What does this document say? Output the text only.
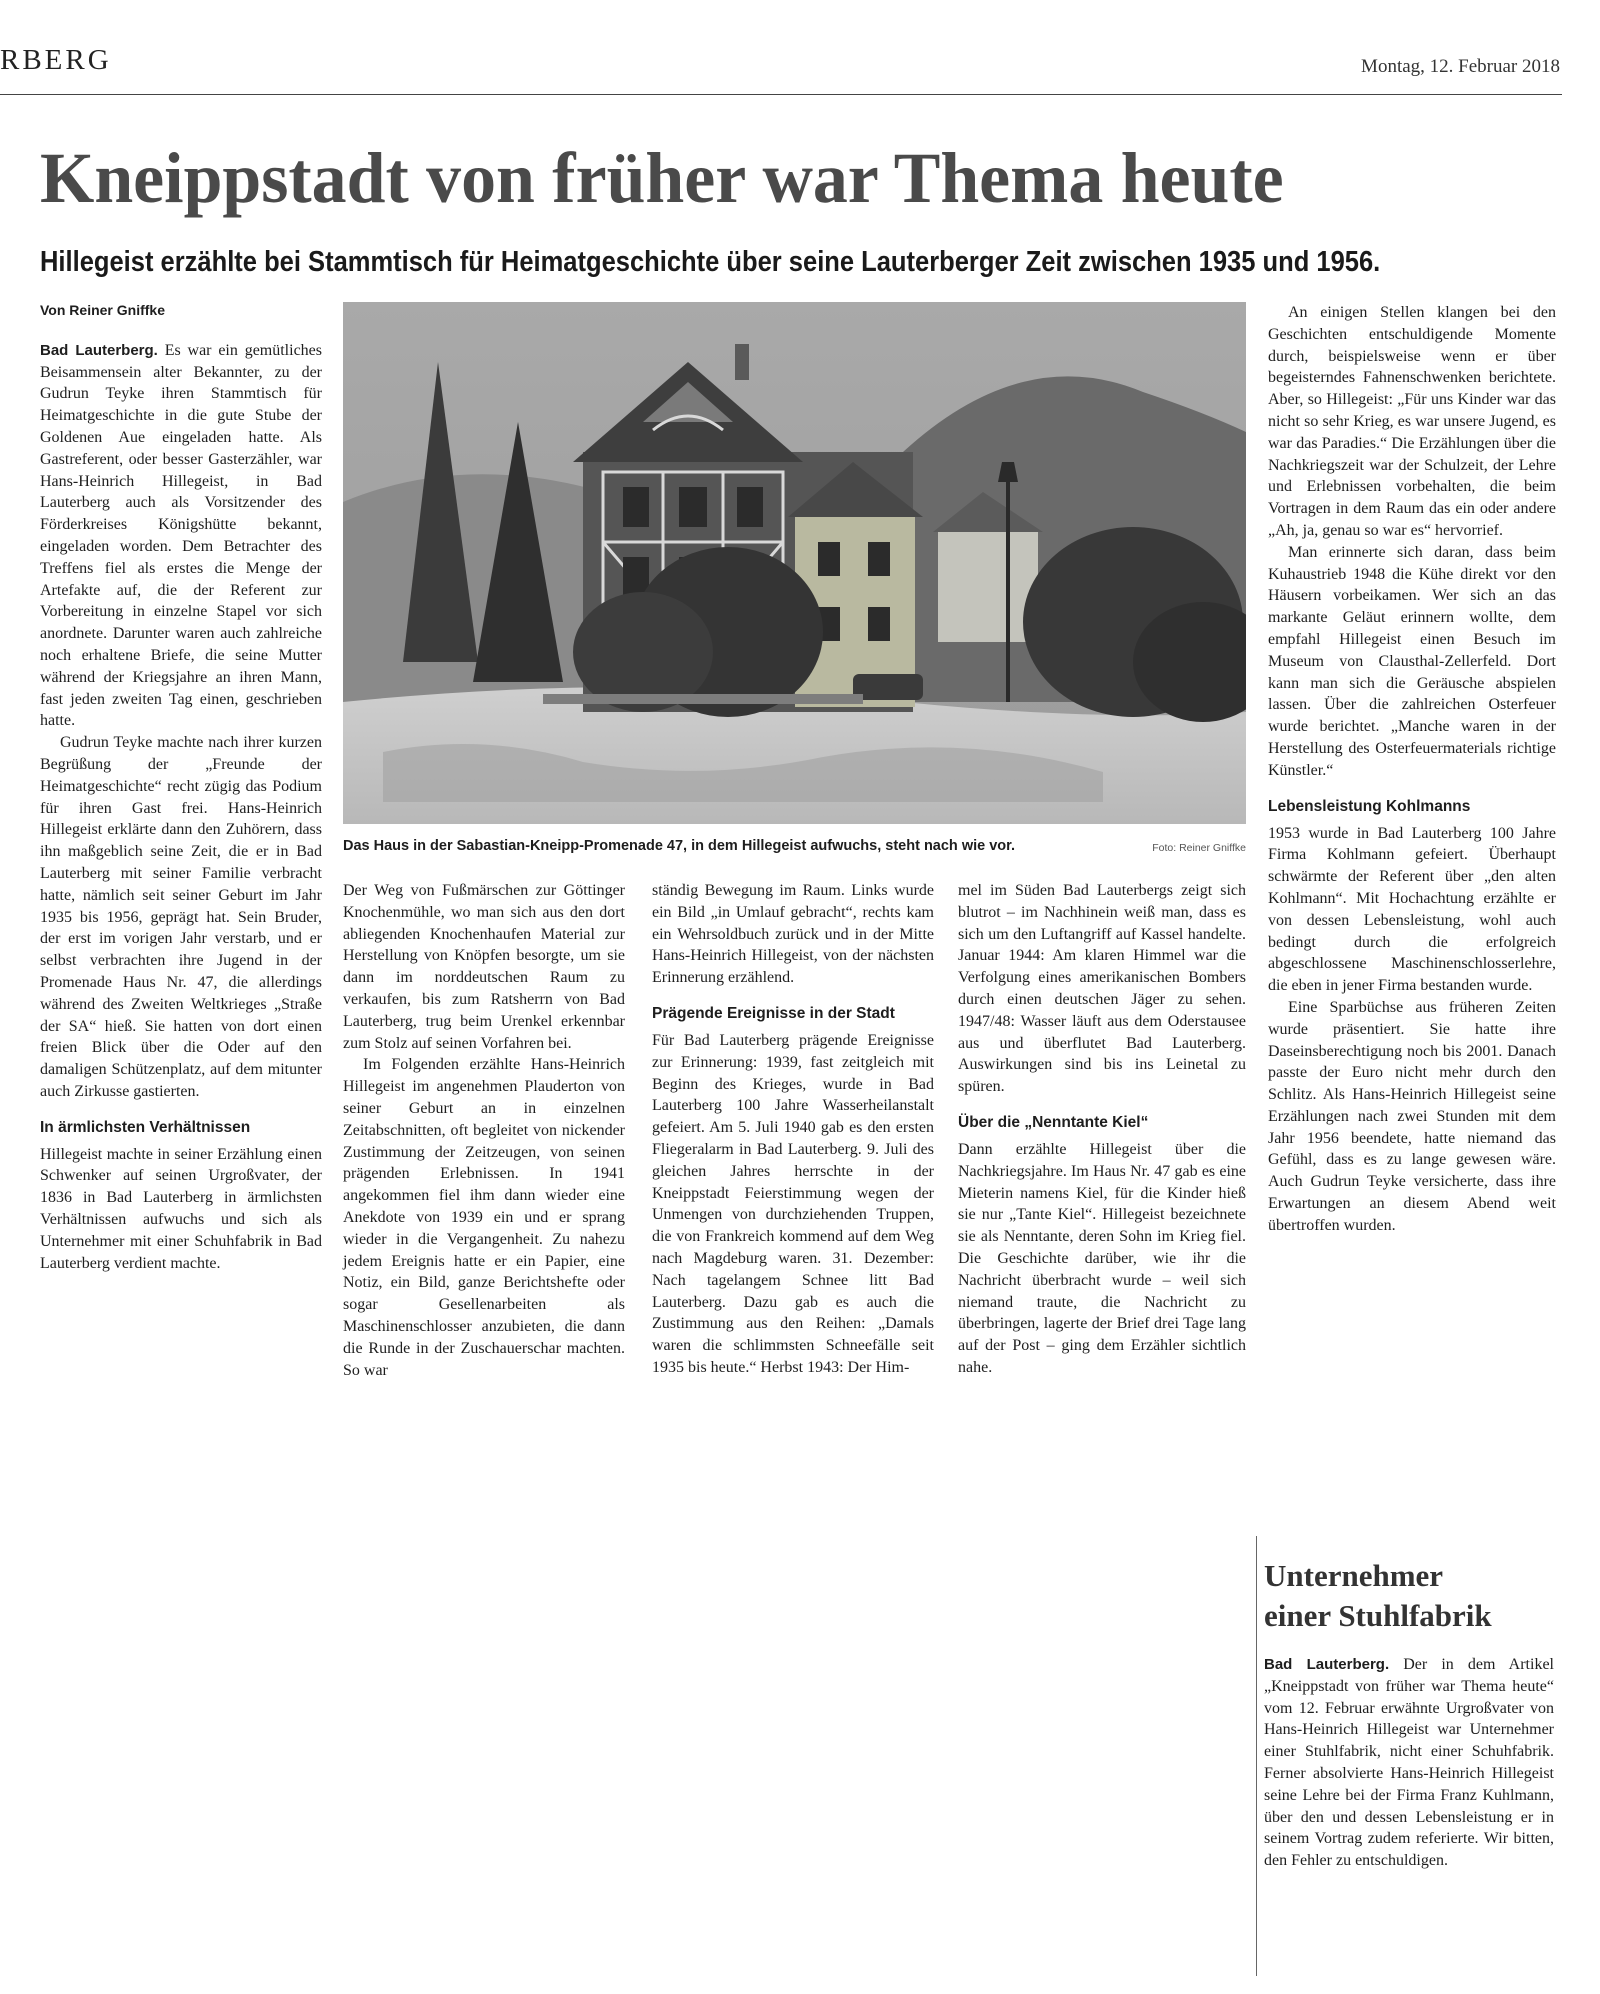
RBERG	Montag, 12. Februar 2018
Kneippstadt von früher war Thema heute
Hillegeist erzählte bei Stammtisch für Heimatgeschichte über seine Lauterberger Zeit zwischen 1935 und 1956.
Von Reiner Gniffke

Bad Lauterberg. Es war ein gemütliches Beisammensein alter Bekannter, zu der Gudrun Teyke ihren Stammtisch für Heimatgeschichte in die gute Stube der Goldenen Aue eingeladen hatte. Als Gastreferent, oder besser Gasterzähler, war Hans-Heinrich Hillegeist, in Bad Lauterberg auch als Vorsitzender des Förderkreises Königshütte bekannt, eingeladen worden. Dem Betrachter des Treffens fiel als erstes die Menge der Artefakte auf, die der Referent zur Vorbereitung in einzelne Stapel vor sich anordnete. Darunter waren auch zahlreiche noch erhaltene Briefe, die seine Mutter während der Kriegsjahre an ihren Mann, fast jeden zweiten Tag einen, geschrieben hatte.

Gudrun Teyke machte nach ihrer kurzen Begrüßung der „Freunde der Heimatgeschichte“ recht zügig das Podium für ihren Gast frei. Hans-Heinrich Hillegeist erklärte dann den Zuhörern, dass ihn maßgeblich seine Zeit, die er in Bad Lauterberg mit seiner Familie verbracht hatte, nämlich seit seiner Geburt im Jahr 1935 bis 1956, geprägt hat. Sein Bruder, der erst im vorigen Jahr verstarb, und er selbst verbrachten ihre Jugend in der Promenade Haus Nr. 47, die allerdings während des Zweiten Weltkrieges „Straße der SA“ hieß. Sie hatten von dort einen freien Blick über die Oder auf den damaligen Schützenplatz, auf dem mitunter auch Zirkusse gastierten.

In ärmlichsten Verhältnissen

Hillegeist machte in seiner Erzählung einen Schwenker auf seinen Urgroßvater, der 1836 in Bad Lauterberg in ärmlichsten Verhältnissen aufwuchs und sich als Unternehmer mit einer Schuhfabrik in Bad Lauterberg verdient machte.

Das Haus in der Sabastian-Kneipp-Promenade 47, in dem Hillegeist aufwuchs, steht nach wie vor.	Foto: Reiner Gniffke

Der Weg von Fußmärschen zur Göttinger Knochenmühle, wo man sich aus den dort abliegenden Knochenhaufen Material zur Herstellung von Knöpfen besorgte, um sie dann im norddeutschen Raum zu verkaufen, bis zum Ratsherrn von Bad Lauterberg, trug beim Urenkel erkennbar zum Stolz auf seinen Vorfahren bei.

Im Folgenden erzählte Hans-Heinrich Hillegeist im angenehmen Plauderton von seiner Geburt an in einzelnen Zeitabschnitten, oft begleitet von nickender Zustimmung der Zeitzeugen, von seinen prägenden Erlebnissen. In 1941 angekommen fiel ihm dann wieder eine Anekdote von 1939 ein und er sprang wieder in die Vergangenheit. Zu nahezu jedem Ereignis hatte er ein Papier, eine Notiz, ein Bild, ganze Berichtshefte oder sogar Gesellenarbeiten als Maschinenschlosser anzubieten, die dann die Runde in der Zuschauerschar machten. So war

ständig Bewegung im Raum. Links wurde ein Bild „in Umlauf gebracht“, rechts kam ein Wehrsoldbuch zurück und in der Mitte Hans-Heinrich Hillegeist, von der nächsten Erinnerung erzählend.

Prägende Ereignisse in der Stadt

Für Bad Lauterberg prägende Ereignisse zur Erinnerung: 1939, fast zeitgleich mit Beginn des Krieges, wurde in Bad Lauterberg 100 Jahre Wasserheilanstalt gefeiert. Am 5. Juli 1940 gab es den ersten Fliegeralarm in Bad Lauterberg. 9. Juli des gleichen Jahres herrschte in der Kneippstadt Feierstimmung wegen der Unmengen von durchziehenden Truppen, die von Frankreich kommend auf dem Weg nach Magdeburg waren. 31. Dezember: Nach tagelangem Schnee litt Bad Lauterberg. Dazu gab es auch die Zustimmung aus den Reihen: „Damals waren die schlimmsten Schneefälle seit 1935 bis heute.“ Herbst 1943: Der Him-

mel im Süden Bad Lauterbergs zeigt sich blutrot – im Nachhinein weiß man, dass es sich um den Luftangriff auf Kassel handelte. Januar 1944: Am klaren Himmel war die Verfolgung eines amerikanischen Bombers durch einen deutschen Jäger zu sehen. 1947/48: Wasser läuft aus dem Oderstausee aus und überflutet Bad Lauterberg. Auswirkungen sind bis ins Leinetal zu spüren.

Über die „Nenntante Kiel“

Dann erzählte Hillegeist über die Nachkriegsjahre. Im Haus Nr. 47 gab es eine Mieterin namens Kiel, für die Kinder hieß sie nur „Tante Kiel“. Hillegeist bezeichnete sie als Nenntante, deren Sohn im Krieg fiel. Die Geschichte darüber, wie ihr die Nachricht überbracht wurde – weil sich niemand traute, die Nachricht zu überbringen, lagerte der Brief drei Tage lang auf der Post – ging dem Erzähler sichtlich nahe.

An einigen Stellen klangen bei den Geschichten entschuldigende Momente durch, beispielsweise wenn er über begeisterndes Fahnenschwenken berichtete. Aber, so Hillegeist: „Für uns Kinder war das nicht so sehr Krieg, es war unsere Jugend, es war das Paradies.“ Die Erzählungen über die Nachkriegszeit war der Schulzeit, der Lehre und Erlebnissen vorbehalten, die beim Vortragen in dem Raum das ein oder andere „Ah, ja, genau so war es“ hervorrief.

Man erinnerte sich daran, dass beim Kuhaustrieb 1948 die Kühe direkt vor den Häusern vorbeikamen. Wer sich an das markante Geläut erinnern wollte, dem empfahl Hillegeist einen Besuch im Museum von Clausthal-Zellerfeld. Dort kann man sich die Geräusche abspielen lassen. Über die zahlreichen Osterfeuer wurde berichtet. „Manche waren in der Herstellung des Osterfeuermaterials richtige Künstler.“

Lebensleistung Kohlmanns

1953 wurde in Bad Lauterberg 100 Jahre Firma Kohlmann gefeiert. Überhaupt schwärmte der Referent über „den alten Kohlmann“. Mit Hochachtung erzählte er von dessen Lebensleistung, wohl auch bedingt durch die erfolgreich abgeschlossene Maschinenschlosserlehre, die eben in jener Firma bestanden wurde.

Eine Sparbüchse aus früheren Zeiten wurde präsentiert. Sie hatte ihre Daseinsberechtigung noch bis 2001. Danach passte der Euro nicht mehr durch den Schlitz. Als Hans-Heinrich Hillegeist seine Erzählungen nach zwei Stunden mit dem Jahr 1956 beendete, hatte niemand das Gefühl, dass es zu lange gewesen wäre. Auch Gudrun Teyke versicherte, dass ihre Erwartungen an diesem Abend weit übertroffen wurden.

Unternehmer
einer Stuhlfabrik

Bad Lauterberg. Der in dem Artikel „Kneippstadt von früher war Thema heute“ vom 12. Februar erwähnte Urgroßvater von Hans-Heinrich Hillegeist war Unternehmer einer Stuhlfabrik, nicht einer Schuhfabrik. Ferner absolvierte Hans-Heinrich Hillegeist seine Lehre bei der Firma Franz Kuhlmann, über den und dessen Lebensleistung er in seinem Vortrag zudem referierte. Wir bitten, den Fehler zu entschuldigen.
